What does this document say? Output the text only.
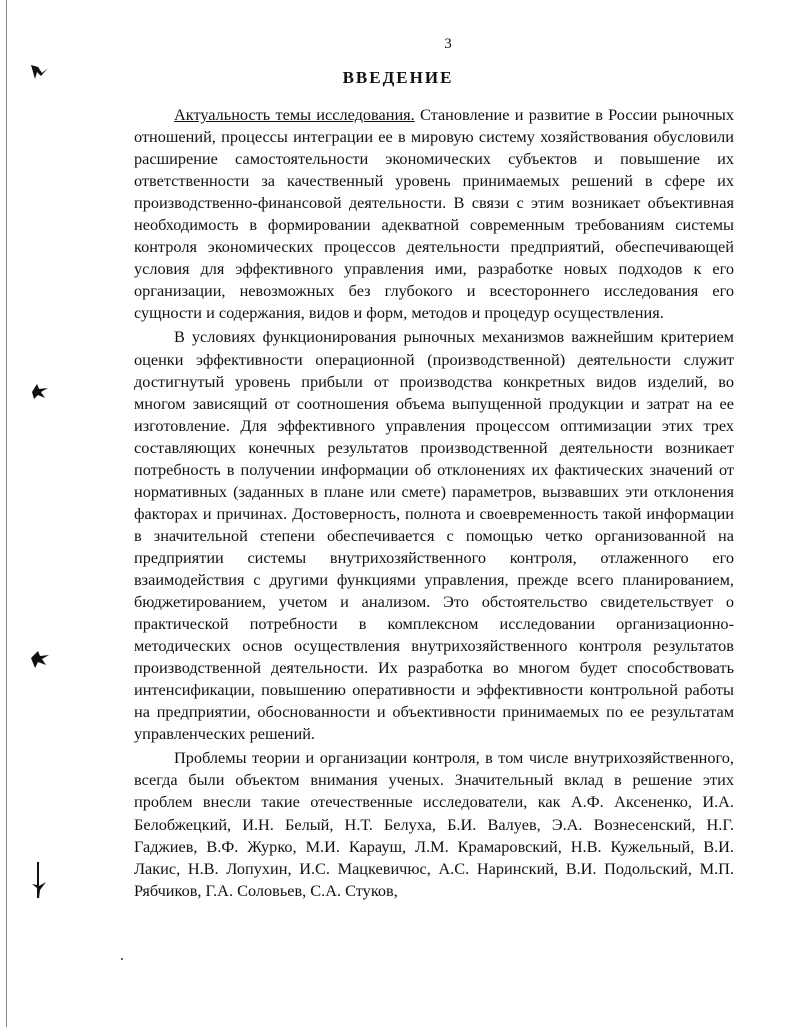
3
ВВЕДЕНИЕ

Актуальность темы исследования. Становление и развитие в России рыночных отношений, процессы интеграции ее в мировую систему хозяйствования обусловили расширение самостоятельности экономических субъектов и повышение их ответственности за качественный уровень принимаемых решений в сфере их производственно-финансовой деятельности. В связи с этим возникает объективная необходимость в формировании адекватной современным требованиям системы контроля экономических процессов деятельности предприятий, обеспечивающей условия для эффективного управления ими, разработке новых подходов к его организации, невозможных без глубокого и всестороннего исследования его сущности и содержания, видов и форм, методов и процедур осуществления.

В условиях функционирования рыночных механизмов важнейшим критерием оценки эффективности операционной (производственной) деятельности служит достигнутый уровень прибыли от производства конкретных видов изделий, во многом зависящий от соотношения объема выпущенной продукции и затрат на ее изготовление. Для эффективного управления процессом оптимизации этих трех составляющих конечных результатов производственной деятельности возникает потребность в получении информации об отклонениях их фактических значений от нормативных (заданных в плане или смете) параметров, вызвавших эти отклонения факторах и причинах. Достоверность, полнота и своевременность такой информации в значительной степени обеспечивается с помощью четко организованной на предприятии системы внутрихозяйственного контроля, отлаженного его взаимодействия с другими функциями управления, прежде всего планированием, бюджетированием, учетом и анализом. Это обстоятельство свидетельствует о практической потребности в комплексном исследовании организационно-методических основ осуществления внутрихозяйственного контроля результатов производственной деятельности. Их разработка во многом будет способствовать интенсификации, повышению оперативности и эффективности контрольной работы на предприятии, обоснованности и объективности принимаемых по ее результатам управленческих решений.

Проблемы теории и организации контроля, в том числе внутрихозяйственного, всегда были объектом внимания ученых. Значительный вклад в решение этих проблем внесли такие отечественные исследователи, как А.Ф. Аксененко, И.А. Белобжецкий, И.Н. Белый, Н.Т. Белуха, Б.И. Валуев, Э.А. Вознесенский, Н.Г. Гаджиев, В.Ф. Журко, М.И. Карауш, Л.М. Крамаровский, Н.В. Кужельный, В.И. Лакис, Н.В. Лопухин, И.С. Мацкевичюс, А.С. Наринский, В.И. Подольский, М.П. Рябчиков, Г.А. Соловьев, С.А. Стуков,
